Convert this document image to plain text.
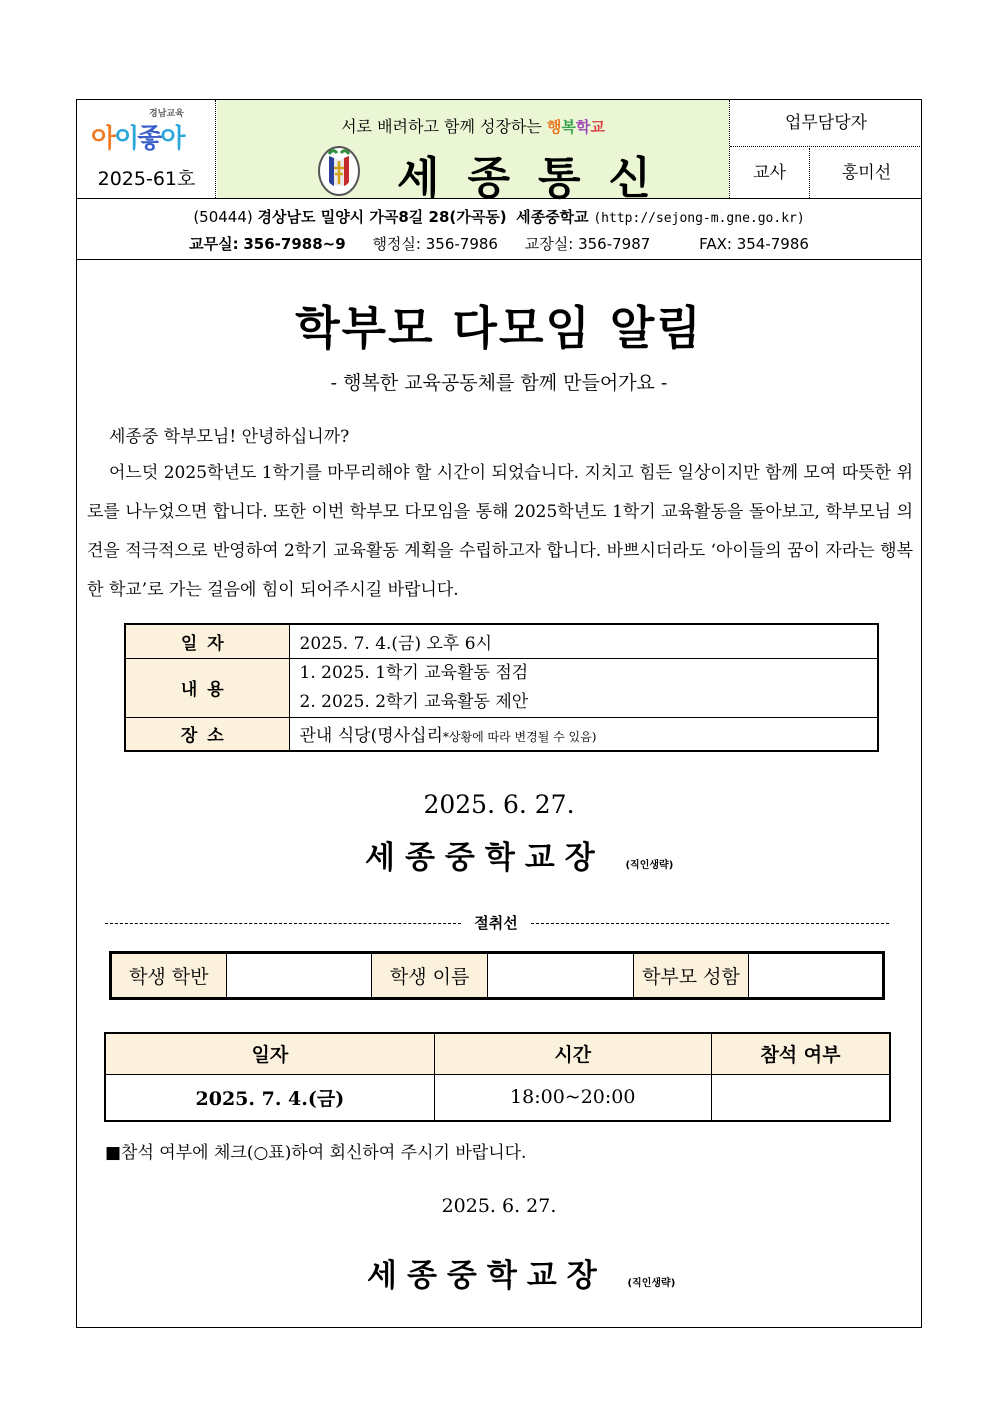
경남교육
아이좋아
2025-61호
서로 배려하고 함께 성장하는 행복학교
세종통신
업무담당자
교사	홍미선
(50444) 경상남도 밀양시 가곡8길 28(가곡동) 세종중학교 (http://sejong-m.gne.go.kr)
교무실: 356-7988~9 행정실: 356-7986 교장실: 356-7987	FAX: 354-7986
학부모 다모임 알림
- 행복한 교육공동체를 함께 만들어가요 -

세종중 학부모님! 안녕하십니까?

어느덧 2025학년도 1학기를 마무리해야 할 시간이 되었습니다. 지치고 힘든 일상이지만 함께 모여 따뜻한 위로를 나누었으면 합니다. 또한 이번 학부모 다모임을 통해 2025학년도 1학기 교육활동을 돌아보고, 학부모님 의견을 적극적으로 반영하여 2학기 교육활동 계획을 수립하고자 합니다. 바쁘시더라도 ‘아이들의 꿈이 자라는 행복한 학교’로 가는 걸음에 힘이 되어주시길 바랍니다.

일자	2025. 7. 4.(금) 오후 6시
내용	1. 2025. 1학기 교육활동 점검
2. 2025. 2학기 교육활동 제안

장소	관내 식당(명사십리*상황에 따라 변경될 수 있음)
2025. 6. 27.
세종중학교장 (직인생략)
절취선
학생 학반		학생 이름		학부모 성함	
일자	시간	참석 여부
2025. 7. 4.(금)	18:00~20:00	
■참석 여부에 체크(○표)하여 회신하여 주시기 바랍니다.
2025. 6. 27.
세종중학교장 (직인생략)
